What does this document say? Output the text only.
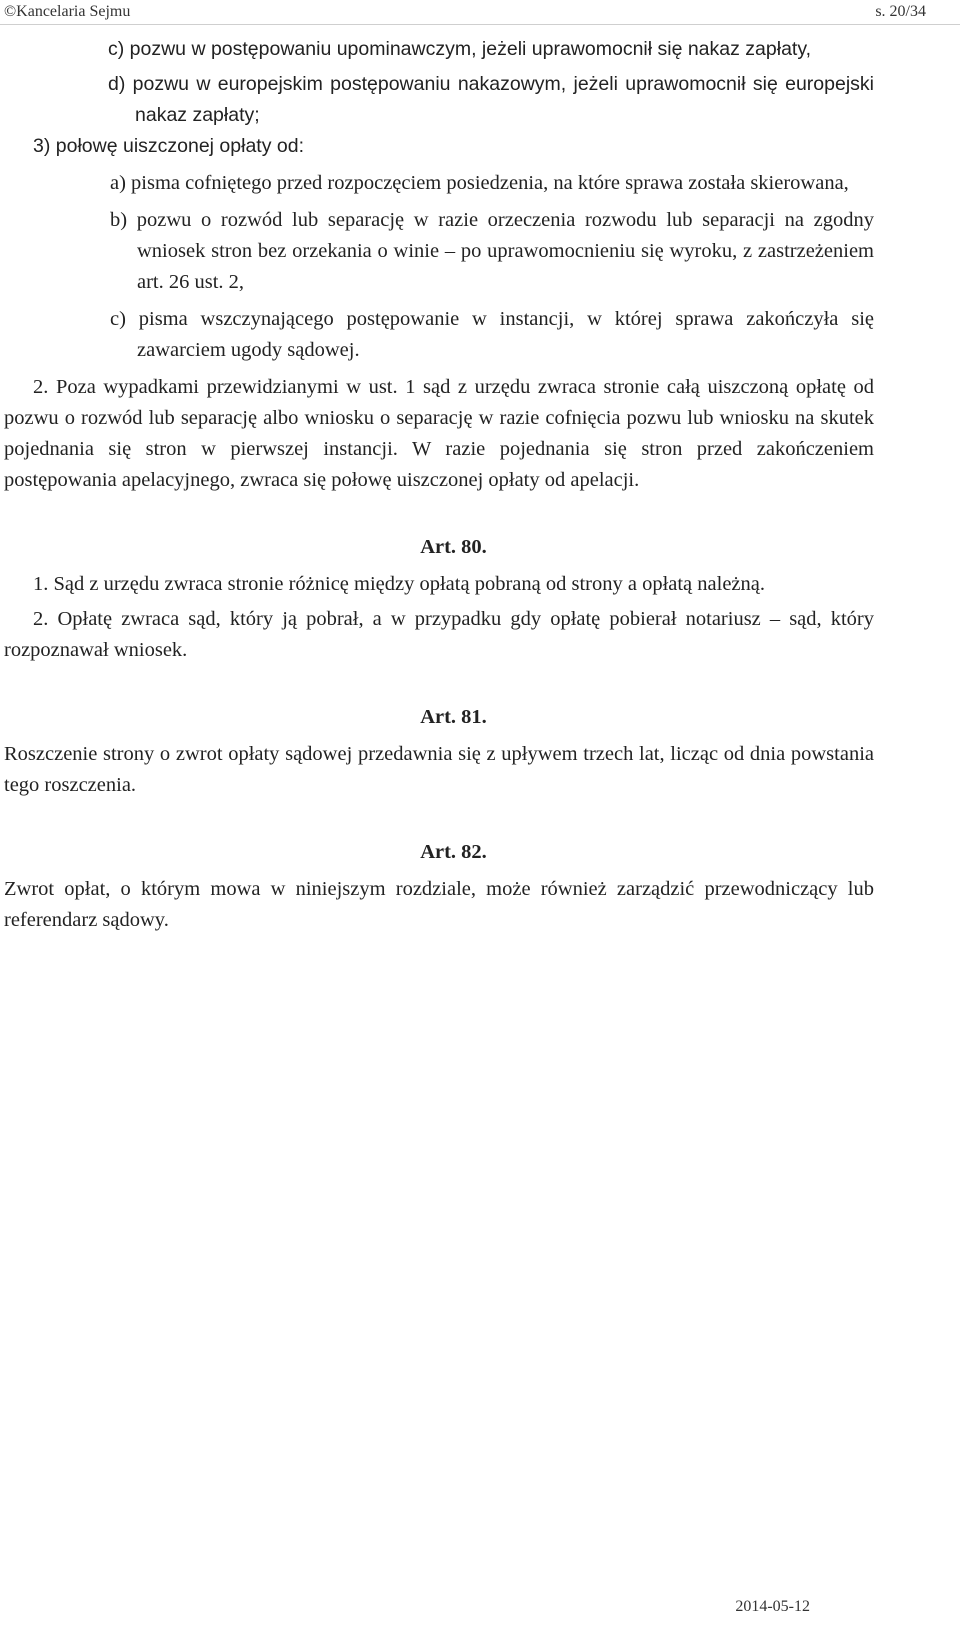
©Kancelaria Sejmu	s. 20/34

c) pozwu w postępowaniu upominawczym, jeżeli uprawomocnił się nakaz zapłaty,

d) pozwu w europejskim postępowaniu nakazowym, jeżeli uprawomocnił się europejski nakaz zapłaty;

3) połowę uiszczonej opłaty od:

a) pisma cofniętego przed rozpoczęciem posiedzenia, na które sprawa została skierowana,

b) pozwu o rozwód lub separację w razie orzeczenia rozwodu lub separacji na zgodny wniosek stron bez orzekania o winie – po uprawomocnieniu się wyroku, z zastrzeżeniem art. 26 ust. 2,

c) pisma wszczynającego postępowanie w instancji, w której sprawa zakończyła się zawarciem ugody sądowej.

2. Poza wypadkami przewidzianymi w ust. 1 sąd z urzędu zwraca stronie całą uiszczoną opłatę od pozwu o rozwód lub separację albo wniosku o separację w razie cofnięcia pozwu lub wniosku na skutek pojednania się stron w pierwszej instancji. W razie pojednania się stron przed zakończeniem postępowania apelacyjnego, zwraca się połowę uiszczonej opłaty od apelacji.

Art. 80.

1. Sąd z urzędu zwraca stronie różnicę między opłatą pobraną od strony a opłatą należną.

2. Opłatę zwraca sąd, który ją pobrał, a w przypadku gdy opłatę pobierał notariusz – sąd, który rozpoznawał wniosek.

Art. 81.

Roszczenie strony o zwrot opłaty sądowej przedawnia się z upływem trzech lat, licząc od dnia powstania tego roszczenia.

Art. 82.

Zwrot opłat, o którym mowa w niniejszym rozdziale, może również zarządzić przewodniczący lub referendarz sądowy.

2014-05-12
